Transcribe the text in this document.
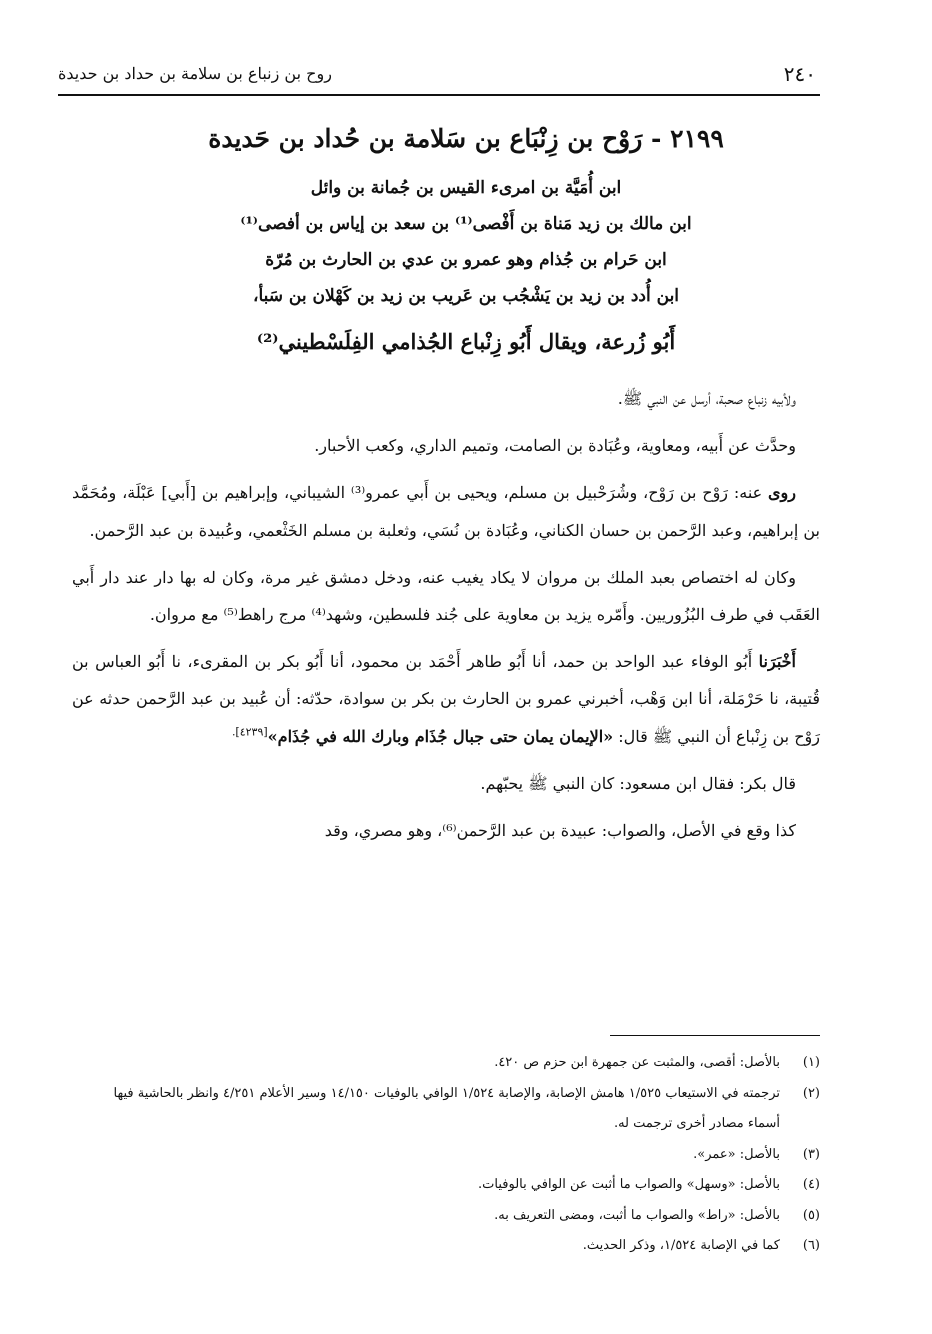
٢٤٠
روح بن زنباع بن سلامة بن حداد بن حديدة
٢١٩٩ - رَوْح بن زِنْبَاع بن سَلامة بن حُداد بن حَديدة
ابن أُمَيَّة بن امرىء القيس بن جُمانة بن وائل
ابن مالك بن زيد مَناة بن أَفْصى⁽¹⁾ بن سعد بن إياس بن أفصى⁽¹⁾
ابن حَرام بن جُذام وهو عمرو بن عدي بن الحارث بن مُرّة
ابن أُدد بن زيد بن يَشْجُب بن عَريب بن زيد بن كَهْلان بن سَبأ،
أَبُو زُرعة، ويقال أَبُو زِنْباع الجُذامي الفِلَسْطيني⁽²⁾

ولأبيه زنباع صحبة، أرسل عن النبي ﷺ.

وحدَّث عن أَبيه، ومعاوية، وعُبَادة بن الصامت، وتميم الداري، وكعب الأحبار.

روى عنه: رَوْح بن رَوْح، وشُرَحْبيل بن مسلم، ويحيى بن أَبي عمرو⁽³⁾ الشيباني، وإبراهيم بن [أَبي] عَبْلَة، ومُحَمَّد بن إبراهيم، وعبد الرَّحمن بن حسان الكناني، وعُبَادة بن نُسَي، وثعلبة بن مسلم الخَثْعمي، وعُبيدة بن عبد الرَّحمن.

وكان له اختصاص بعبد الملك بن مروان لا يكاد يغيب عنه، ودخل دمشق غير مرة، وكان له بها دار عند دار أَبي العَقَب في طرف البُزُوريين. وأَمّره يزيد بن معاوية على جُند فلسطين، وشهد⁽⁴⁾ مرج راهط⁽⁵⁾ مع مروان.

أَخْبَرَنا أَبُو الوفاء عبد الواحد بن حمد، أنا أَبُو طاهر أَحْمَد بن محمود، أنا أَبُو بكر بن المقرىء، نا أَبُو العباس بن قُتيبة، نا حَرْمَلة، أنا ابن وَهْب، أخبرني عمرو بن الحارث بن بكر بن سوادة، حدّثه: أن عُبيد بن عبد الرَّحمن حدثه عن رَوْح بن زِنْباع أن النبي ﷺ قال: «الإيمان يمان حتى جبال جُذَام وبارك الله في جُذَام»$^{[٤٢٣٩].}$

قال بكر: فقال ابن مسعود: كان النبي ﷺ يحبّهم.

كذا وقع في الأصل، والصواب: عبيدة بن عبد الرَّحمن⁽⁶⁾، وهو مصري، وقد

(١)
بالأصل: أقصى، والمثبت عن جمهرة ابن حزم ص ٤٢٠.
(٢)
ترجمته في الاستيعاب ١/٥٢٥ هامش الإصابة، والإصابة ١/٥٢٤ الوافي بالوفيات ١٤/١٥٠ وسير الأعلام ٤/٢٥١ وانظر بالحاشية فيها أسماء مصادر أخرى ترجمت له.
(٣)
بالأصل: «عمر».
(٤)
بالأصل: «وسهل» والصواب ما أثبت عن الوافي بالوفيات.
(٥)
بالأصل: «راط» والصواب ما أثبت، ومضى التعريف به.
(٦)
كما في الإصابة ١/٥٢٤، وذكر الحديث.
